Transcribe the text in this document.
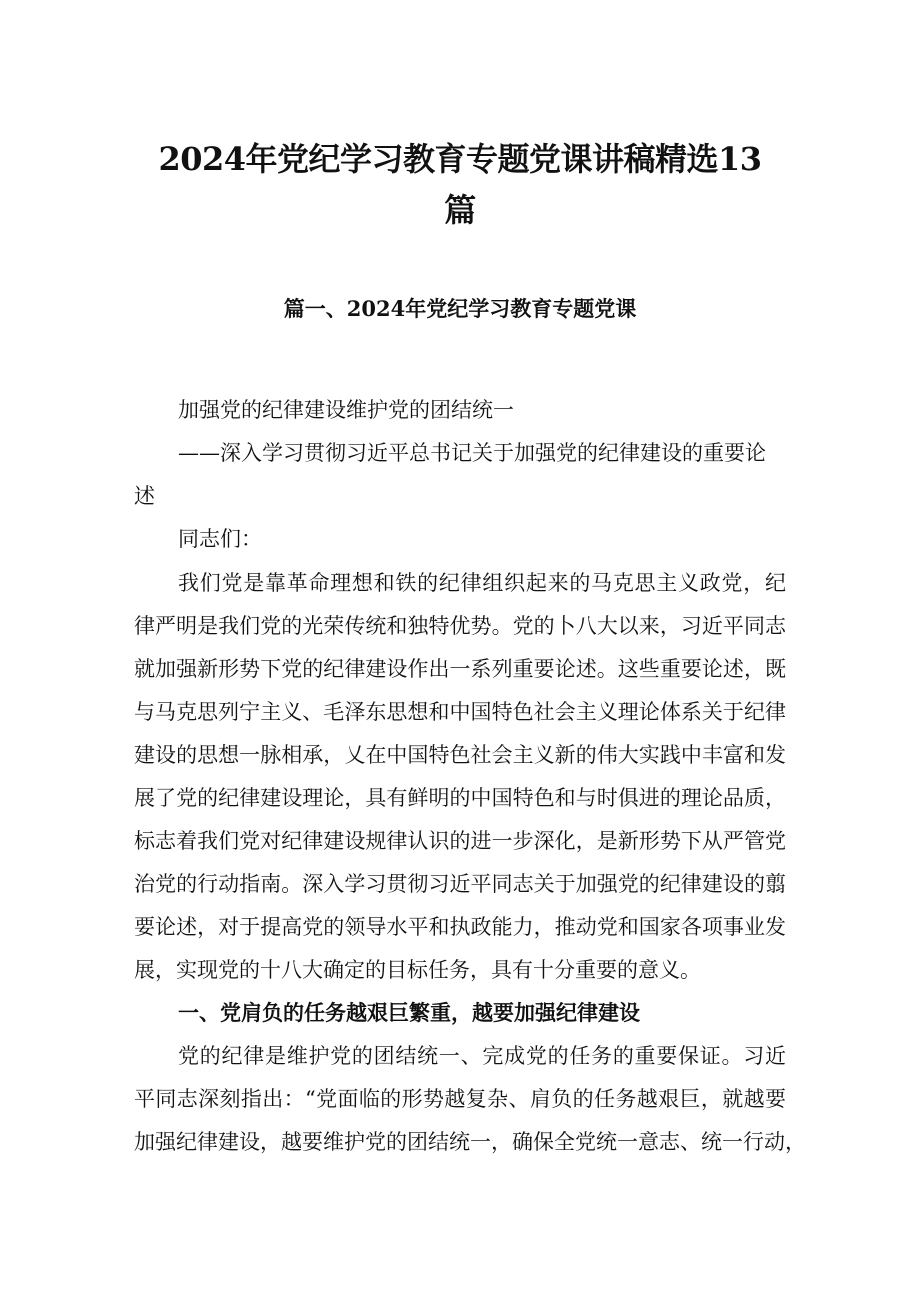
2024年党纪学习教育专题党课讲稿精选13
篇
篇一、2024年党纪学习教育专题党课
加强党的纪律建设维护党的团结统一
——深入学习贯彻习近平总书记关于加强党的纪律建设的重要论
述
同志们：
我们党是靠革命理想和铁的纪律组织起来的马克思主义政党，纪
律严明是我们党的光荣传统和独特优势。党的卜八大以来，习近平同志
就加强新形势下党的纪律建设作出一系列重要论述。这些重要论述，既
与马克思列宁主义、毛泽东思想和中国特色社会主义理论体系关于纪律
建设的思想一脉相承，乂在中国特色社会主义新的伟大实践中丰富和发
展了党的纪律建设理论，具有鲜明的中国特色和与时俱进的理论品质，
标志着我们党对纪律建设规律认识的进一步深化，是新形势下从严管党
治党的行动指南。深入学习贯彻习近平同志关于加强党的纪律建设的翦
要论述，对于提高党的领导水平和执政能力，推动党和国家各项事业发
展，实现党的十八大确定的目标任务，具有十分重要的意义。
一、党肩负的任务越艰巨繁重，越要加强纪律建设
党的纪律是维护党的团结统一、完成党的任务的重要保证。习近
平同志深刻指出：“党面临的形势越复杂、肩负的任务越艰巨，就越要
加强纪律建设，越要维护党的团结统一，确保全党统一意志、统一行动，
